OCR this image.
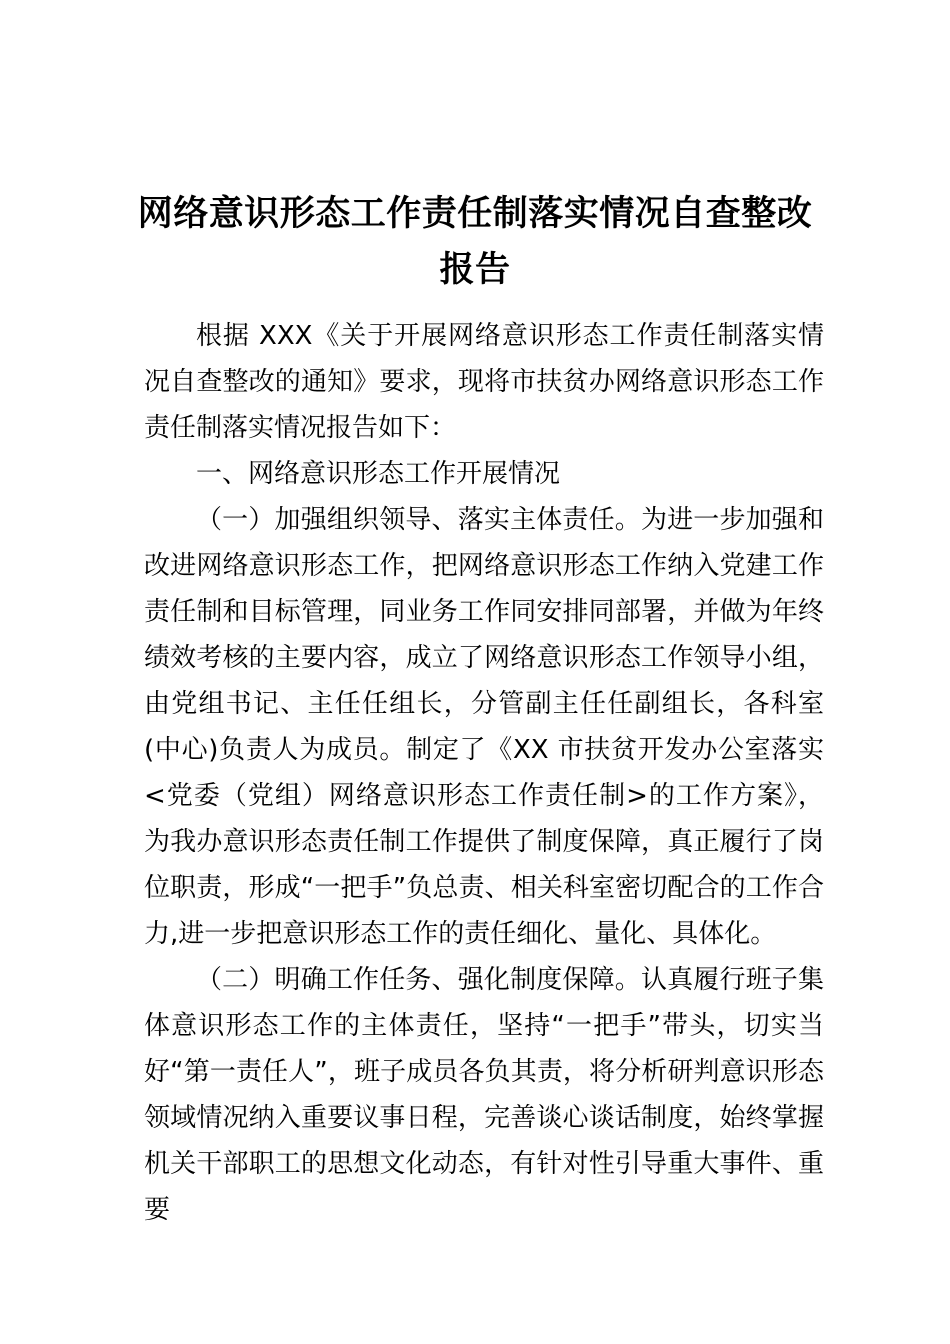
网络意识形态工作责任制落实情况自查整改报告

根据 XXX《关于开展网络意识形态工作责任制落实情况自查整改的通知》要求，现将市扶贫办网络意识形态工作责任制落实情况报告如下：

一、网络意识形态工作开展情况

（一）加强组织领导、落实主体责任。为进一步加强和改进网络意识形态工作，把网络意识形态工作纳入党建工作责任制和目标管理，同业务工作同安排同部署，并做为年终绩效考核的主要内容，成立了网络意识形态工作领导小组，由党组书记、主任任组长，分管副主任任副组长，各科室(中心)负责人为成员。制定了《XX 市扶贫开发办公室落实<党委（党组）网络意识形态工作责任制>的工作方案》，为我办意识形态责任制工作提供了制度保障，真正履行了岗位职责，形成“一把手”负总责、相关科室密切配合的工作合力,进一步把意识形态工作的责任细化、量化、具体化。

（二）明确工作任务、强化制度保障。认真履行班子集体意识形态工作的主体责任，坚持“一把手”带头，切实当好“第一责任人”，班子成员各负其责，将分析研判意识形态领域情况纳入重要议事日程，完善谈心谈话制度，始终掌握机关干部职工的思想文化动态，有针对性引导重大事件、重要
